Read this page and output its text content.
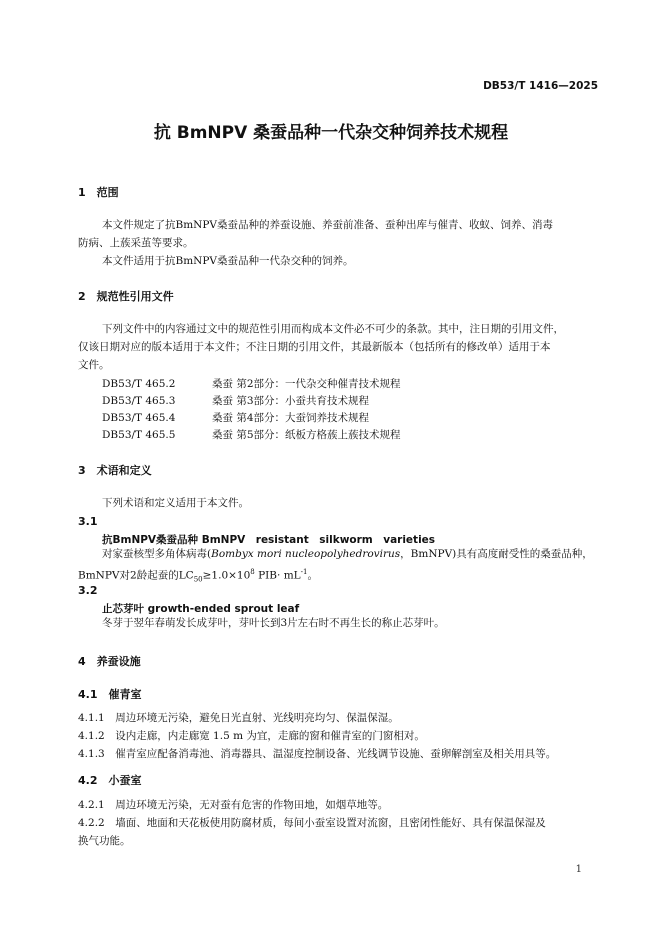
DB53/T 1416—2025
抗 BmNPV 桑蚕品种一代杂交种饲养技术规程
1　范围
本文件规定了抗BmNPV桑蚕品种的养蚕设施、养蚕前准备、蚕种出库与催青、收蚁、饲养、消毒
防病、上蔟采茧等要求。
本文件适用于抗BmNPV桑蚕品种一代杂交种的饲养。
2　规范性引用文件
下列文件中的内容通过文中的规范性引用而构成本文件必不可少的条款。其中，注日期的引用文件，
仅该日期对应的版本适用于本文件；不注日期的引用文件，其最新版本（包括所有的修改单）适用于本
文件。
DB53/T 465.2	桑蚕 第2部分：一代杂交种催青技术规程
DB53/T 465.3	桑蚕 第3部分：小蚕共育技术规程
DB53/T 465.4	桑蚕 第4部分：大蚕饲养技术规程
DB53/T 465.5	桑蚕 第5部分：纸板方格蔟上蔟技术规程
3　术语和定义
下列术语和定义适用于本文件。
3.1
抗BmNPV桑蚕品种 BmNPV　resistant　silkworm　varieties
对家蚕核型多角体病毒(Bombyx mori nucleopolyhedrovirus，BmNPV)具有高度耐受性的桑蚕品种，
BmNPV对2龄起蚕的$LC_{50}\ge 1.0\times 10^8$ $PIB\cdot mL^{-1}$。
3.2
止芯芽叶 growth-ended sprout leaf
冬芽于翌年春萌发长成芽叶，芽叶长到3片左右时不再生长的称止芯芽叶。
4　养蚕设施
4.1　催青室
4.1.1　周边环境无污染，避免日光直射、光线明亮均匀、保温保湿。
4.1.2　设内走廊，内走廊宽 1.5 m 为宜，走廊的窗和催青室的门窗相对。
4.1.3　催青室应配备消毒池、消毒器具、温湿度控制设备、光线调节设施、蚕卵解剖室及相关用具等。
4.2　小蚕室
4.2.1　周边环境无污染，无对蚕有危害的作物田地，如烟草地等。
4.2.2　墙面、地面和天花板使用防腐材质，每间小蚕室设置对流窗，且密闭性能好、具有保温保湿及
换气功能。
1
